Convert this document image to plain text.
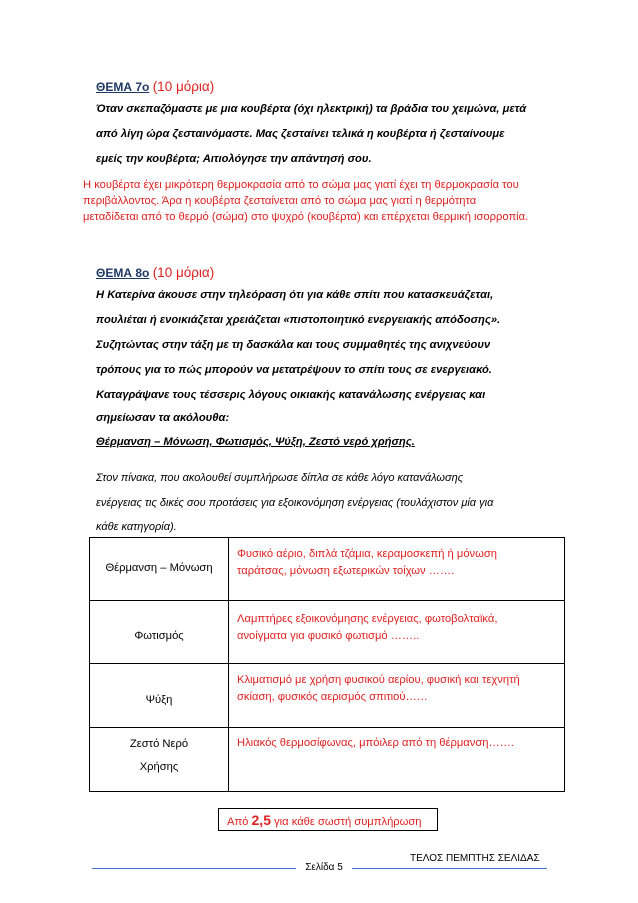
ΘΕΜΑ 7ο (10 μόρια)
Όταν σκεπαζόμαστε με μια κουβέρτα (όχι ηλεκτρική) τα βράδια του χειμώνα, μετά
από λίγη ώρα ζεσταινόμαστε. Μας ζεσταίνει τελικά η κουβέρτα ή ζεσταίνουμε
εμείς την κουβέρτα; Αιτιολόγησε την απάντησή σου.
Η κουβέρτα έχει μικρότερη θερμοκρασία από το σώμα μας γιατί έχει τη θερμοκρασία του
περιβάλλοντος. Άρα η κουβέρτα ζεσταίνεται από το σώμα μας γιατί η θερμότητα
μεταδίδεται από το θερμό (σώμα) στο ψυχρό (κουβέρτα) και επέρχεται θερμική ισορροπία.
ΘΕΜΑ 8ο (10 μόρια)
Η Κατερίνα άκουσε στην τηλεόραση ότι για κάθε σπίτι που κατασκευάζεται,
πουλιέται ή ενοικιάζεται χρειάζεται «πιστοποιητικό ενεργειακής απόδοσης».
Συζητώντας στην τάξη με τη δασκάλα και τους συμμαθητές της ανιχνεύουν
τρόπους για το πώς μπορούν να μετατρέψουν το σπίτι τους σε ενεργειακό.
Καταγράψανε τους τέσσερις λόγους οικιακής κατανάλωσης ενέργειας και
σημείωσαν τα ακόλουθα:
Θέρμανση – Μόνωση, Φωτισμός, Ψύξη, Ζεστό νερό χρήσης.
Στον πίνακα, που ακολουθεί συμπλήρωσε δίπλα σε κάθε λόγο κατανάλωσης
ενέργειας τις δικές σου προτάσεις για εξοικονόμηση ενέργειας (τουλάχιστον μία για
κάθε κατηγορία).
Θέρμανση – Μόνωση	Φυσικό αέριο, διπλά τζάμια, κεραμοσκεπή ή μόνωση
ταράτσας, μόνωση εξωτερικών τοίχων …….

Φωτισμός	Λαμπτήρες εξοικονόμησης ενέργειας, φωτοβολταϊκά,
ανοίγματα για φυσικό φωτισμό ……..

Ψύξη	Κλιματισμό με χρήση φυσικού αερίου, φυσική και τεχνητή
σκίαση, φυσικός αερισμός σπιτιού……

Ζεστό Νερό
Χρήσης	Ηλιακός θερμοσίφωνας, μπόιλερ από τη θέρμανση…….
Από 2,5 για κάθε σωστή συμπλήρωση
ΤΕΛΟΣ ΠΕΜΠΤΗΣ ΣΕΛΙΔΑΣ
Σελίδα 5
